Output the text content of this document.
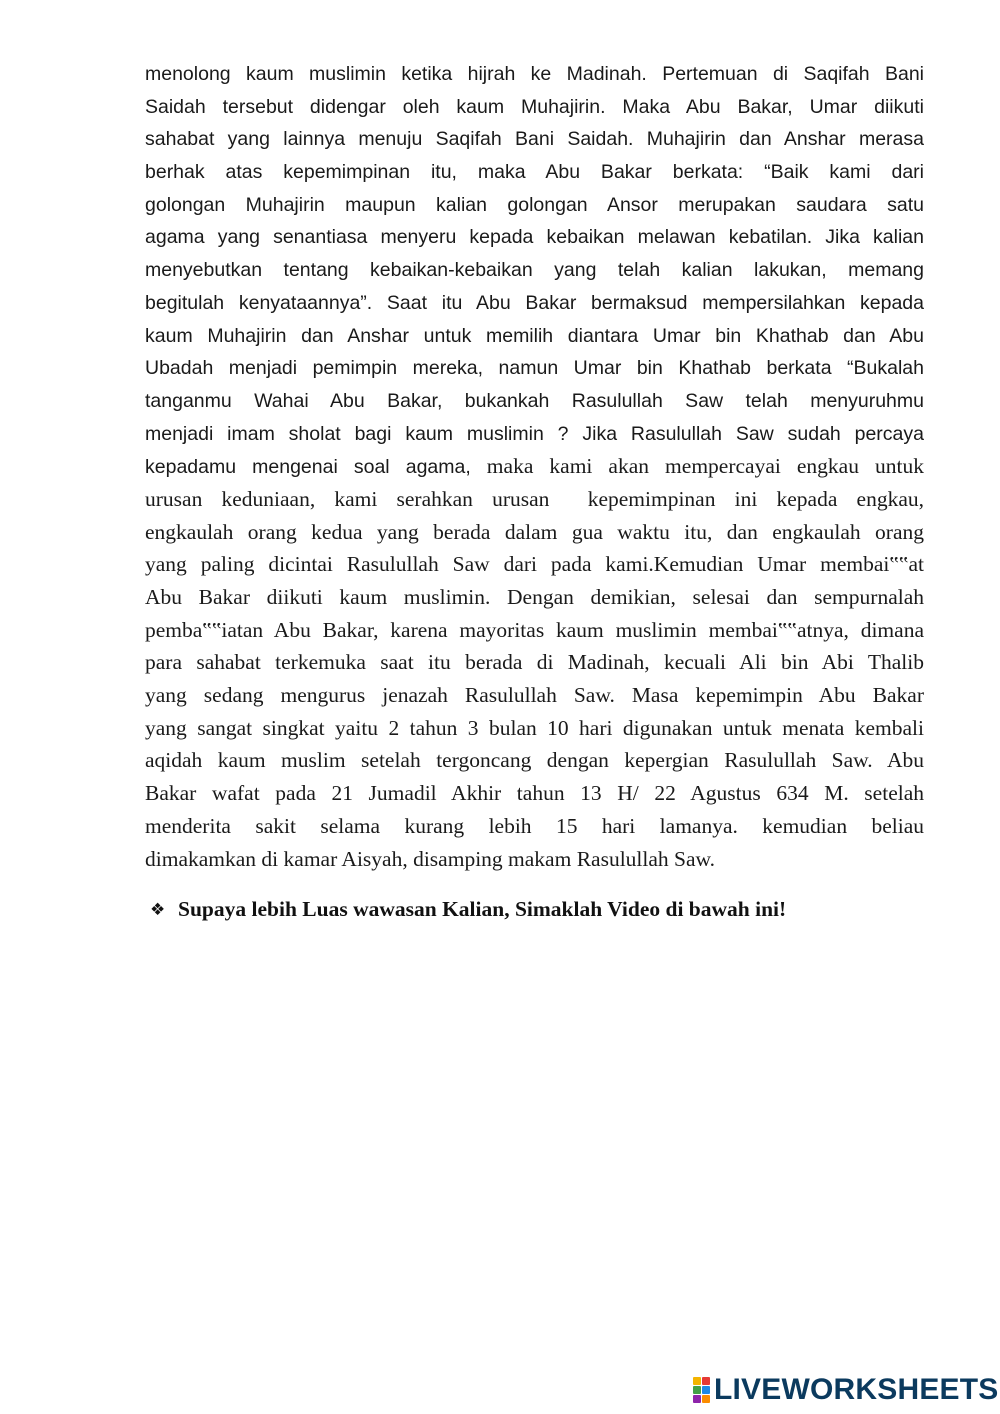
menolong kaum muslimin ketika hijrah ke Madinah. Pertemuan di Saqifah Bani
Saidah tersebut didengar oleh kaum Muhajirin. Maka Abu Bakar, Umar diikuti
sahabat yang lainnya menuju Saqifah Bani Saidah. Muhajirin dan Anshar merasa
berhak atas kepemimpinan itu, maka Abu Bakar berkata: “Baik kami dari
golongan Muhajirin maupun kalian golongan Ansor merupakan saudara satu
agama yang senantiasa menyeru kepada kebaikan melawan kebatilan. Jika kalian
menyebutkan tentang kebaikan-kebaikan yang telah kalian lakukan, memang
begitulah kenyataannya”. Saat itu Abu Bakar bermaksud mempersilahkan kepada
kaum Muhajirin dan Anshar untuk memilih diantara Umar bin Khathab dan Abu
Ubadah menjadi pemimpin mereka, namun Umar bin Khathab berkata “Bukalah
tanganmu Wahai Abu Bakar, bukankah Rasulullah Saw telah menyuruhmu
menjadi imam sholat bagi kaum muslimin ? Jika Rasulullah Saw sudah percaya
kepadamu mengenai soal agama, maka kami akan mempercayai engkau untuk
urusan keduniaan, kami serahkan urusan  kepemimpinan ini kepada engkau,
engkaulah orang kedua yang berada dalam gua waktu itu, dan engkaulah orang
yang paling dicintai Rasulullah Saw dari pada kami.Kemudian Umar membai‟‟at
Abu Bakar diikuti kaum muslimin. Dengan demikian, selesai dan sempurnalah
pemba‟‟iatan Abu Bakar, karena mayoritas kaum muslimin membai‟‟atnya, dimana
para sahabat terkemuka saat itu berada di Madinah, kecuali Ali bin Abi Thalib
yang sedang mengurus jenazah Rasulullah Saw. Masa kepemimpin Abu Bakar
yang sangat singkat yaitu 2 tahun 3 bulan 10 hari digunakan untuk menata kembali
aqidah kaum muslim setelah tergoncang dengan kepergian Rasulullah Saw. Abu
Bakar wafat pada 21 Jumadil Akhir tahun 13 H/ 22 Agustus 634 M. setelah
menderita sakit selama kurang lebih 15 hari lamanya. kemudian beliau
dimakamkan di kamar Aisyah, disamping makam Rasulullah Saw.
❖ Supaya lebih Luas wawasan Kalian, Simaklah Video di bawah ini!
LIVEWORKSHEETS
